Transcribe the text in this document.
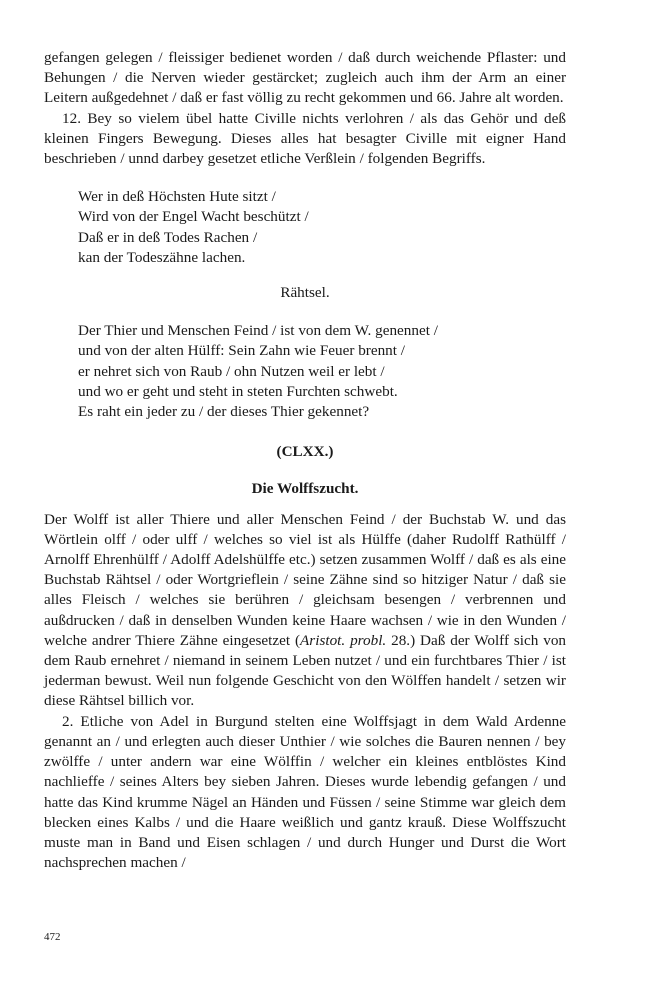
gefangen gelegen / fleissiger bedienet worden / daß durch weichende Pflaster: und Behungen / die Nerven wieder gestärcket; zugleich auch ihm der Arm an einer Leitern außgedehnet / daß er fast völlig zu recht gekommen und 66. Jahre alt worden.

12. Bey so vielem übel hatte Civille nichts verlohren / als das Gehör und deß kleinen Fingers Bewegung. Dieses alles hat besagter Civille mit eigner Hand beschrieben / unnd darbey gesetzet etliche Verßlein / folgenden Begriffs.

Wer in deß Höchsten Hute sitzt /
Wird von der Engel Wacht beschützt /
Daß er in deß Todes Rachen /
kan der Todeszähne lachen.
Rähtsel.
Der Thier und Menschen Feind / ist von dem W. genennet /
und von der alten Hülff: Sein Zahn wie Feuer brennt /
er nehret sich von Raub / ohn Nutzen weil er lebt /
und wo er geht und steht in steten Furchten schwebt.
Es raht ein jeder zu / der dieses Thier gekennet?
(CLXX.)
Die Wolffszucht.

Der Wolff ist aller Thiere und aller Menschen Feind / der Buchstab W. und das Wörtlein olff / oder ulff / welches so viel ist als Hülffe (daher Rudolff Rathülff / Arnolff Ehrenhülff / Adolff Adelshülffe etc.) setzen zusammen Wolff / daß es als eine Buchstab Rähtsel / oder Wortgrieflein / seine Zähne sind so hitziger Natur / daß sie alles Fleisch / welches sie berühren / gleichsam besengen / verbrennen und außdrucken / daß in denselben Wunden keine Haare wachsen / wie in den Wunden / welche andrer Thiere Zähne eingesetzet (Aristot. probl. 28.) Daß der Wolff sich von dem Raub ernehret / niemand in seinem Leben nutzet / und ein furchtbares Thier / ist jederman bewust. Weil nun folgende Geschicht von den Wölffen handelt / setzen wir diese Rähtsel billich vor.

2. Etliche von Adel in Burgund stelten eine Wolffsjagt in dem Wald Ardenne genannt an / und erlegten auch dieser Unthier / wie solches die Bauren nennen / bey zwölffe / unter andern war eine Wölffin / welcher ein kleines entblöstes Kind nachlieffe / seines Alters bey sieben Jahren. Dieses wurde lebendig gefangen / und hatte das Kind krumme Nägel an Händen und Füssen / seine Stimme war gleich dem blecken eines Kalbs / und die Haare weißlich und gantz krauß. Diese Wolffszucht muste man in Band und Eisen schlagen / und durch Hunger und Durst die Wort nachsprechen machen /

472
